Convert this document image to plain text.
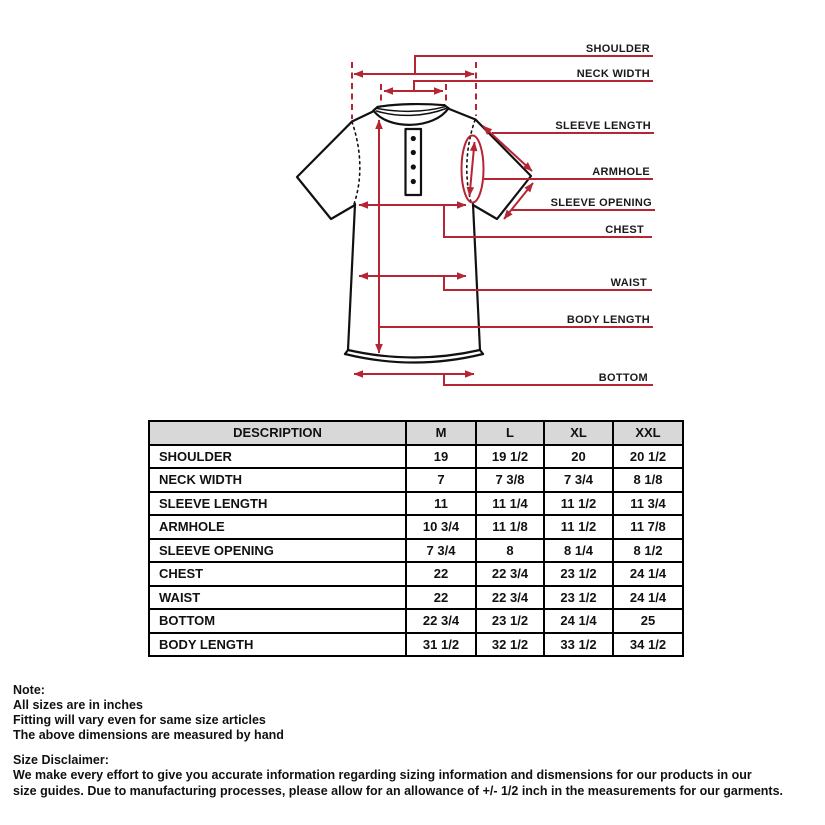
SHOULDER
NECK WIDTH
SLEEVE LENGTH
ARMHOLE
SLEEVE OPENING
CHEST
WAIST
BODY LENGTH
BOTTOM
DESCRIPTION	M	L	XL	XXL
SHOULDER	19	19 1/2	20	20 1/2
NECK WIDTH	7	7 3/8	7 3/4	8 1/8
SLEEVE LENGTH	11	11 1/4	11 1/2	11 3/4
ARMHOLE	10 3/4	11 1/8	11 1/2	11 7/8
SLEEVE OPENING	7 3/4	8	8 1/4	8 1/2
CHEST	22	22 3/4	23 1/2	24 1/4
WAIST	22	22 3/4	23 1/2	24 1/4
BOTTOM	22 3/4	23 1/2	24 1/4	25
BODY LENGTH	31 1/2	32 1/2	33 1/2	34 1/2
Note:
All sizes are in inches
Fitting will vary even for same size articles
The above dimensions are measured by hand
Size Disclaimer:
We make every effort to give you accurate information regarding sizing information and dismensions for our products in our
size guides. Due to manufacturing processes, please allow for an allowance of +/- 1/2 inch in the measurements for our garments.
